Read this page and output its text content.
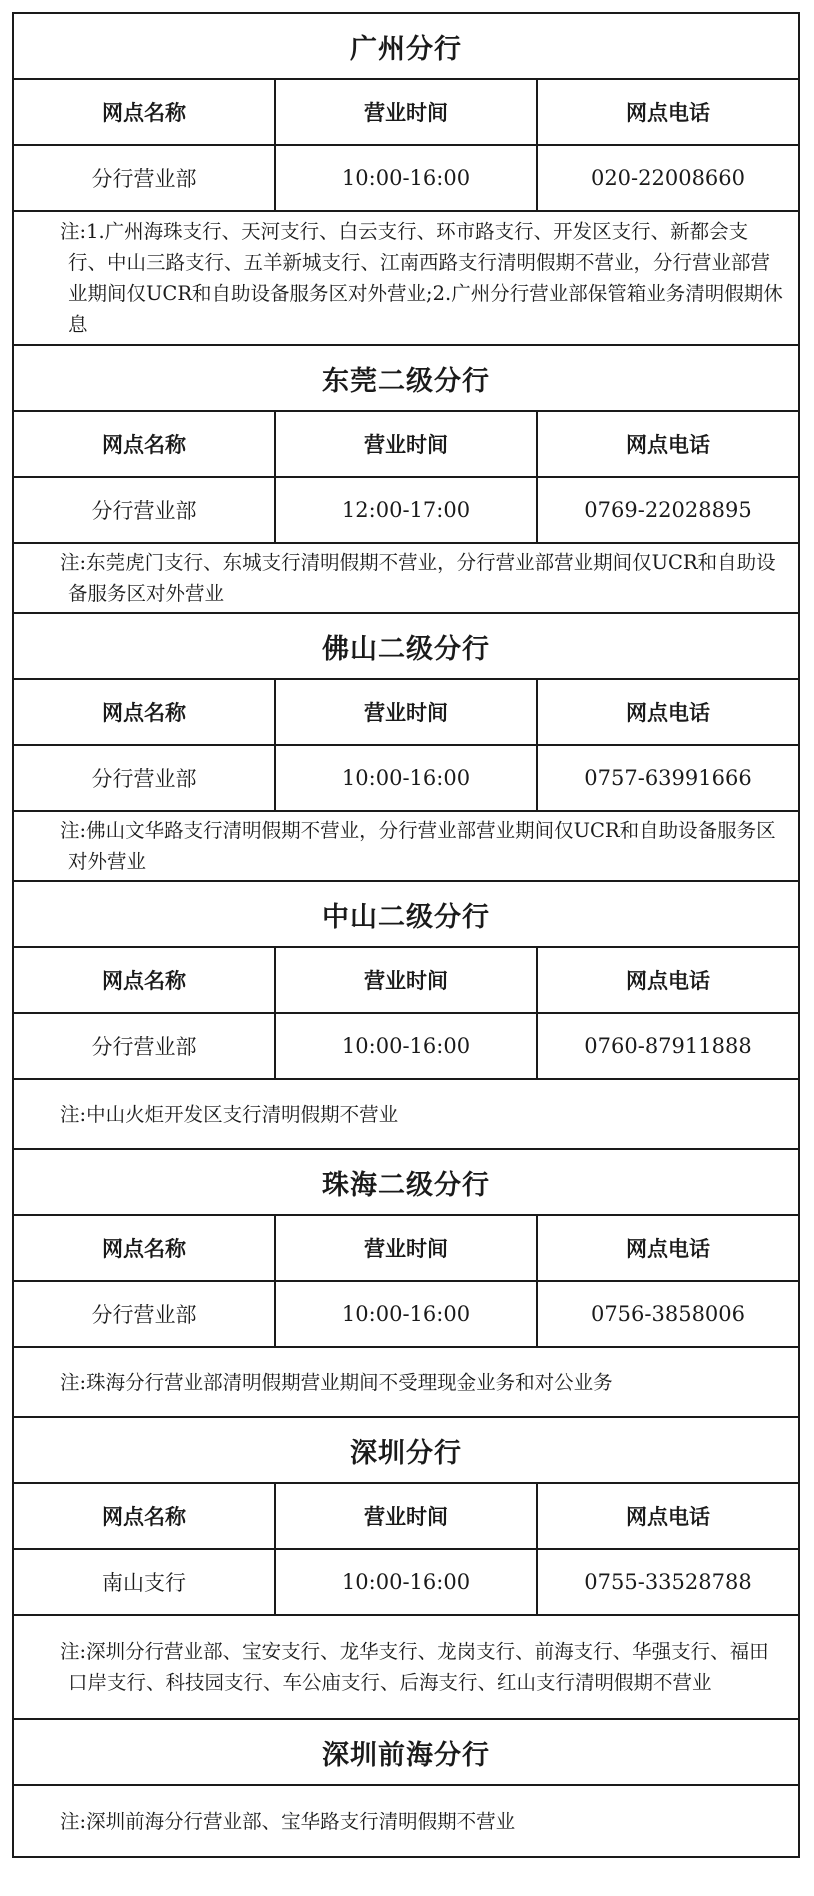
广州分行
网点名称	营业时间	网点电话
分行营业部	10:00-16:00	020-22008660
注:1.广州海珠支行、天河支行、白云支行、环市路支行、开发区支行、新都会支行、中山三路支行、五羊新城支行、江南西路支行清明假期不营业，分行营业部营业期间仅UCR和自助设备服务区对外营业;2.广州分行营业部保管箱业务清明假期休息
东莞二级分行
网点名称	营业时间	网点电话
分行营业部	12:00-17:00	0769-22028895
注:东莞虎门支行、东城支行清明假期不营业，分行营业部营业期间仅UCR和自助设备服务区对外营业
佛山二级分行
网点名称	营业时间	网点电话
分行营业部	10:00-16:00	0757-63991666
注:佛山文华路支行清明假期不营业，分行营业部营业期间仅UCR和自助设备服务区对外营业
中山二级分行
网点名称	营业时间	网点电话
分行营业部	10:00-16:00	0760-87911888
注:中山火炬开发区支行清明假期不营业
珠海二级分行
网点名称	营业时间	网点电话
分行营业部	10:00-16:00	0756-3858006
注:珠海分行营业部清明假期营业期间不受理现金业务和对公业务
深圳分行
网点名称	营业时间	网点电话
南山支行	10:00-16:00	0755-33528788
注:深圳分行营业部、宝安支行、龙华支行、龙岗支行、前海支行、华强支行、福田口岸支行、科技园支行、车公庙支行、后海支行、红山支行清明假期不营业
深圳前海分行
注:深圳前海分行营业部、宝华路支行清明假期不营业
